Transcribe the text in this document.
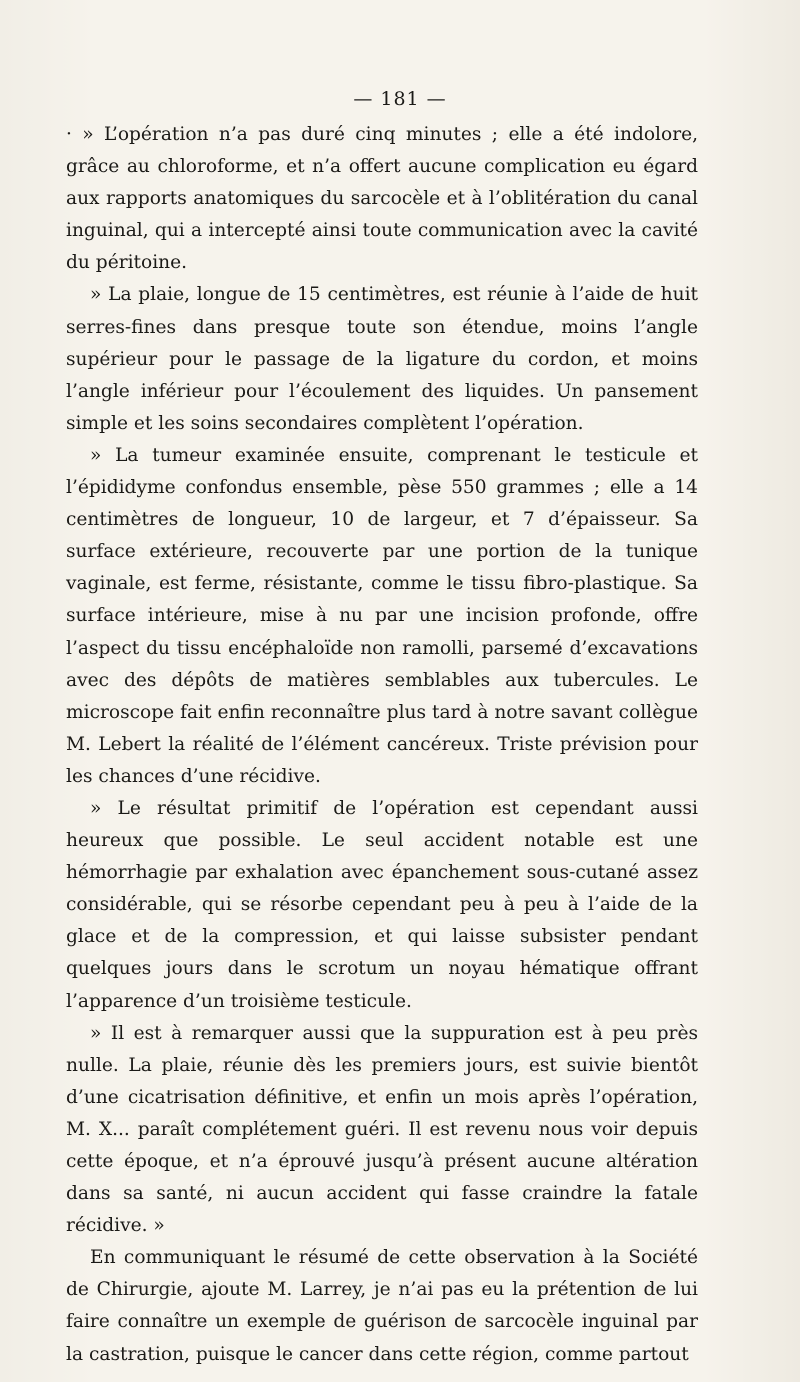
— 181 —

· » L’opération n’a pas duré cinq minutes ; elle a été indolore, grâce au chloroforme, et n’a offert aucune complication eu égard aux rapports anatomiques du sarcocèle et à l’oblitération du canal inguinal, qui a intercepté ainsi toute communication avec la cavité du péritoine.

» La plaie, longue de 15 centimètres, est réunie à l’aide de huit serres-fines dans presque toute son étendue, moins l’angle supérieur pour le passage de la ligature du cordon, et moins l’angle inférieur pour l’écoulement des liquides. Un pansement simple et les soins secondaires complètent l’opération.

» La tumeur examinée ensuite, comprenant le testicule et l’épididyme confondus ensemble, pèse 550 grammes ; elle a 14 centimètres de longueur, 10 de largeur, et 7 d’épaisseur. Sa surface extérieure, recouverte par une portion de la tunique vaginale, est ferme, résistante, comme le tissu fibro-plastique. Sa surface intérieure, mise à nu par une incision profonde, offre l’aspect du tissu encéphaloïde non ramolli, parsemé d’excavations avec des dépôts de matières semblables aux tubercules. Le microscope fait enfin reconnaître plus tard à notre savant collègue M. Lebert la réalité de l’élément cancéreux. Triste prévision pour les chances d’une récidive.

» Le résultat primitif de l’opération est cependant aussi heureux que possible. Le seul accident notable est une hémorrhagie par exhalation avec épanchement sous-cutané assez considérable, qui se résorbe cependant peu à peu à l’aide de la glace et de la compression, et qui laisse subsister pendant quelques jours dans le scrotum un noyau hématique offrant l’apparence d’un troisième testicule.

» Il est à remarquer aussi que la suppuration est à peu près nulle. La plaie, réunie dès les premiers jours, est suivie bientôt d’une cicatrisation définitive, et enfin un mois après l’opération, M. X... paraît complétement guéri. Il est revenu nous voir depuis cette époque, et n’a éprouvé jusqu’à présent aucune altération dans sa santé, ni aucun accident qui fasse craindre la fatale récidive. »

En communiquant le résumé de cette observation à la Société de Chirurgie, ajoute M. Larrey, je n’ai pas eu la prétention de lui faire connaître un exemple de guérison de sarcocèle inguinal par la castration, puisque le cancer dans cette région, comme partout
